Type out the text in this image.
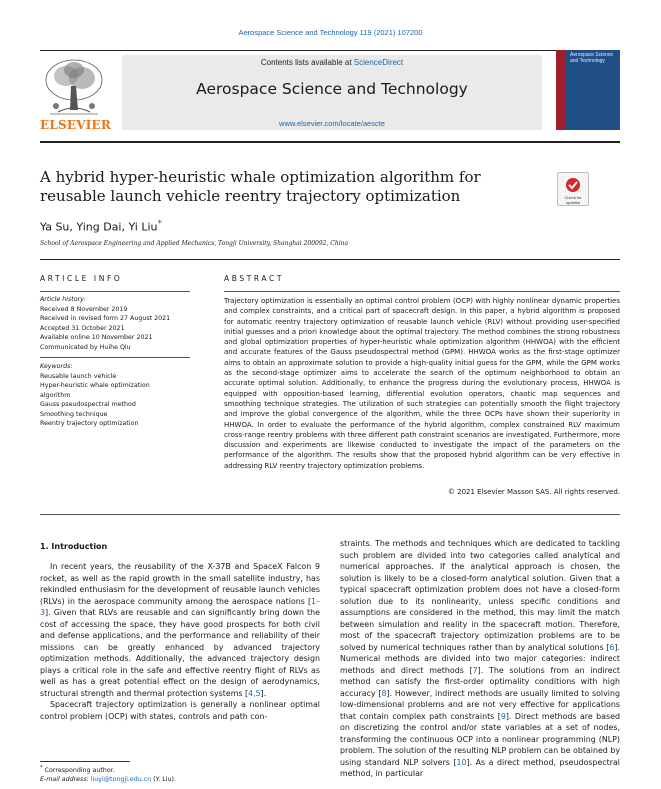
Aerospace Science and Technology 119 (2021) 107200
ELSEVIER
Contents lists available at ScienceDirect
Aerospace Science and Technology
www.elsevier.com/locate/aescte
Aerospace Science and Technology
A hybrid hyper-heuristic whale optimization algorithm for reusable launch vehicle reentry trajectory optimization	Check for updates
Ya Su, Ying Dai, Yi Liu*
School of Aerospace Engineering and Applied Mechanics, Tongji University, Shanghai 200092, China
ARTICLE INFO
Article history:
Received 8 November 2019
Received in revised form 27 August 2021
Accepted 31 October 2021
Available online 10 November 2021
Communicated by Huihe Qiu
Keywords:
Reusable launch vehicle
Hyper-heuristic whale optimization algorithm
Gauss pseudospectral method
Smoothing technique
Reentry trajectory optimization
ABSTRACT
Trajectory optimization is essentially an optimal control problem (OCP) with highly nonlinear dynamic properties and complex constraints, and a critical part of spacecraft design. In this paper, a hybrid algorithm is proposed for automatic reentry trajectory optimization of reusable launch vehicle (RLV) without providing user-specified initial guesses and a priori knowledge about the optimal trajectory. The method combines the strong robustness and global optimization properties of hyper-heuristic whale optimization algorithm (HHWOA) with the efficient and accurate features of the Gauss pseudospectral method (GPM). HHWOA works as the first-stage optimizer aims to obtain an approximate solution to provide a high-quality initial guess for the GPM, while the GPM works as the second-stage optimizer aims to accelerate the search of the optimum neighborhood to obtain an accurate optimal solution. Additionally, to enhance the progress during the evolutionary process, HHWOA is equipped with opposition-based learning, differential evolution operators, chaotic map sequences and smoothing technique strategies. The utilization of such strategies can potentially smooth the flight trajectory and improve the global convergence of the algorithm, while the three OCPs have shown their superiority in HHWOA. In order to evaluate the performance of the hybrid algorithm, complex constrained RLV maximum cross-range reentry problems with three different path constraint scenarios are investigated. Furthermore, more discussion and experiments are likewise conducted to investigate the impact of the parameters on the performance of the algorithm. The results show that the proposed hybrid algorithm can be very effective in addressing RLV reentry trajectory optimization problems.
© 2021 Elsevier Masson SAS. All rights reserved.
1. Introduction

In recent years, the reusability of the X-37B and SpaceX Falcon 9 rocket, as well as the rapid growth in the small satellite industry, has rekindled enthusiasm for the development of reusable launch vehicles (RLVs) in the aerospace community among the aerospace nations [1–3]. Given that RLVs are reusable and can significantly bring down the cost of accessing the space, they have good prospects for both civil and defense applications, and the performance and reliability of their missions can be greatly enhanced by advanced trajectory optimization methods. Additionally, the advanced trajectory design plays a critical role in the safe and effective reentry flight of RLVs as well as has a great potential effect on the design of aerodynamics, structural strength and thermal protection systems [4,5].

Spacecraft trajectory optimization is generally a nonlinear optimal control problem (OCP) with states, controls and path con-

straints. The methods and techniques which are dedicated to tackling such problem are divided into two categories called analytical and numerical approaches. If the analytical approach is chosen, the solution is likely to be a closed-form analytical solution. Given that a typical spacecraft optimization problem does not have a closed-form solution due to its nonlinearity, unless specific conditions and assumptions are considered in the method, this may limit the match between simulation and reality in the spacecraft motion. Therefore, most of the spacecraft trajectory optimization problems are to be solved by numerical techniques rather than by analytical solutions [6]. Numerical methods are divided into two major categories: indirect methods and direct methods [7]. The solutions from an indirect method can satisfy the first-order optimality conditions with high accuracy [8]. However, indirect methods are usually limited to solving low-dimensional problems and are not very effective for applications that contain complex path constraints [9]. Direct methods are based on discretizing the control and/or state variables at a set of nodes, transforming the continuous OCP into a nonlinear programming (NLP) problem. The solution of the resulting NLP problem can be obtained by using standard NLP solvers [10]. As a direct method, pseudospectral method, in particular

* Corresponding author.
E-mail address: liuyi@tongji.edu.cn (Y. Liu).
